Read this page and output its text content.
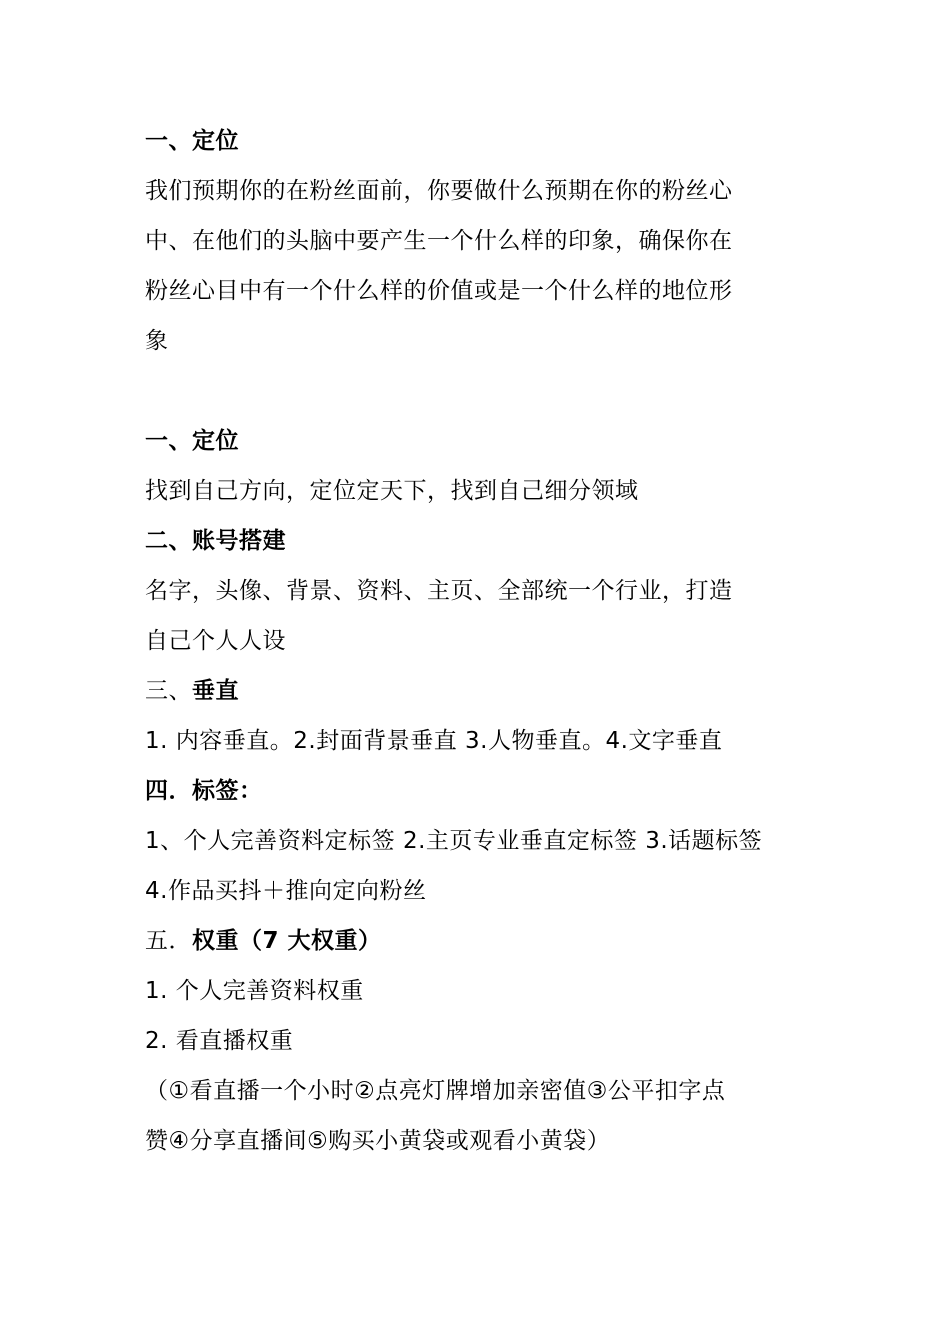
一、定位
我们预期你的在粉丝面前，你要做什么预期在你的粉丝心
中、在他们的头脑中要产生一个什么样的印象，确保你在
粉丝心目中有一个什么样的价值或是一个什么样的地位形
象
一、定位
找到自己方向，定位定天下，找到自己细分领域
二、账号搭建
名字，头像、背景、资料、主页、全部统一个行业，打造
自己个人人设
三、垂直
1. 内容垂直。2.封面背景垂直 3.人物垂直。4.文字垂直
四．标签：
1、个人完善资料定标签 2.主页专业垂直定标签 3.话题标签
4.作品买抖＋推向定向粉丝
五．权重（7 大权重）
1. 个人完善资料权重
2. 看直播权重
（①看直播一个小时②点亮灯牌增加亲密值③公平扣字点
赞④分享直播间⑤购买小黄袋或观看小黄袋）
